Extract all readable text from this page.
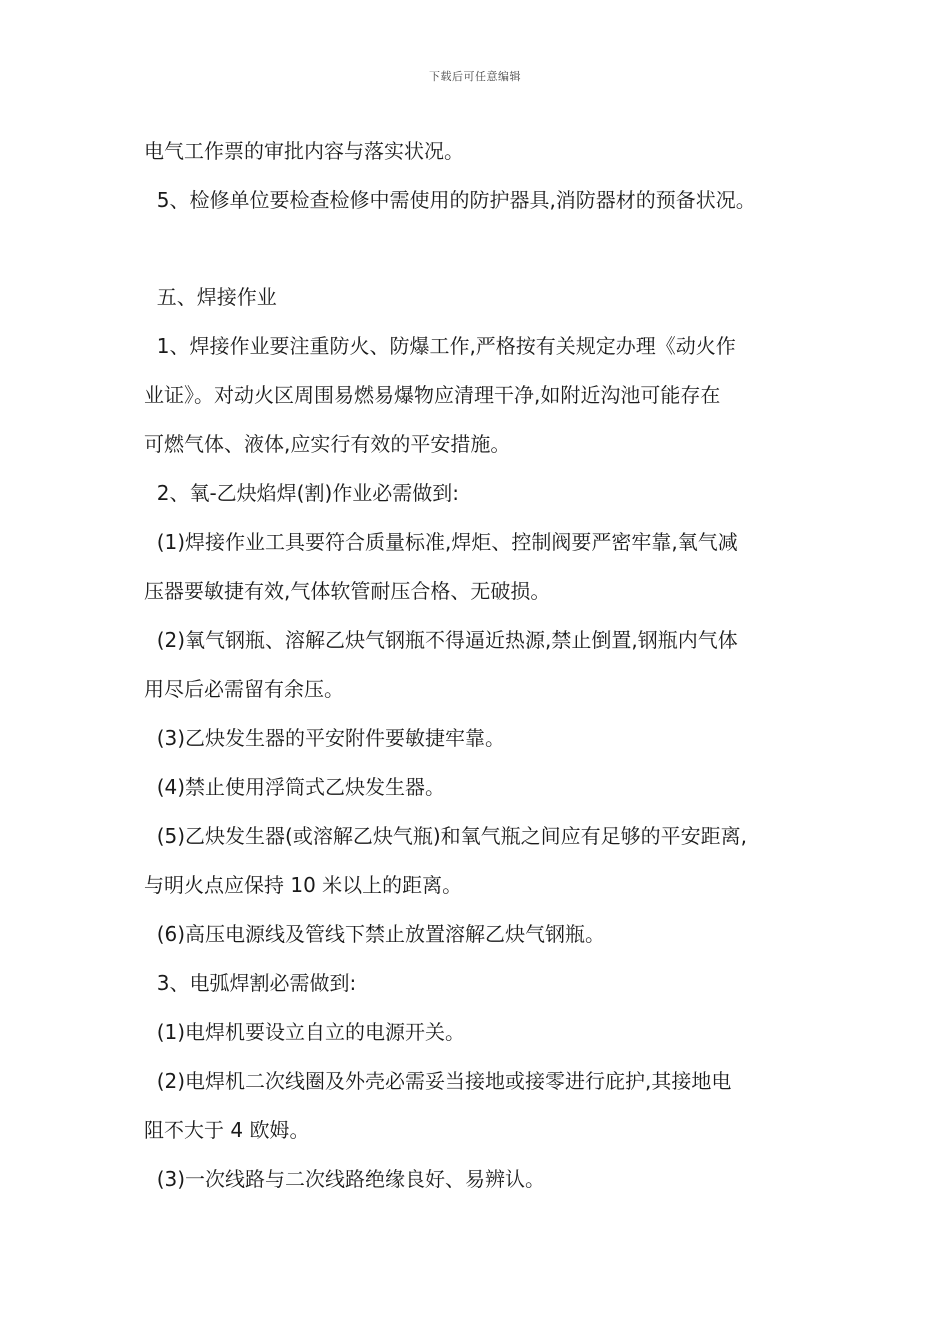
下载后可任意编辑
电气工作票的审批内容与落实状况。
5、检修单位要检查检修中需使用的防护器具,消防器材的预备状况。
五、焊接作业
1、焊接作业要注重防火、防爆工作,严格按有关规定办理《动火作
业证》。对动火区周围易燃易爆物应清理干净,如附近沟池可能存在
可燃气体、液体,应实行有效的平安措施。
2、氧-乙炔焰焊(割)作业必需做到:
(1)焊接作业工具要符合质量标准,焊炬、控制阀要严密牢靠,氧气减
压器要敏捷有效,气体软管耐压合格、无破损。
(2)氧气钢瓶、溶解乙炔气钢瓶不得逼近热源,禁止倒置,钢瓶内气体
用尽后必需留有余压。
(3)乙炔发生器的平安附件要敏捷牢靠。
(4)禁止使用浮筒式乙炔发生器。
(5)乙炔发生器(或溶解乙炔气瓶)和氧气瓶之间应有足够的平安距离,
与明火点应保持 10 米以上的距离。
(6)高压电源线及管线下禁止放置溶解乙炔气钢瓶。
3、电弧焊割必需做到:
(1)电焊机要设立自立的电源开关。
(2)电焊机二次线圈及外壳必需妥当接地或接零进行庇护,其接地电
阻不大于 4 欧姆。
(3)一次线路与二次线路绝缘良好、易辨认。
